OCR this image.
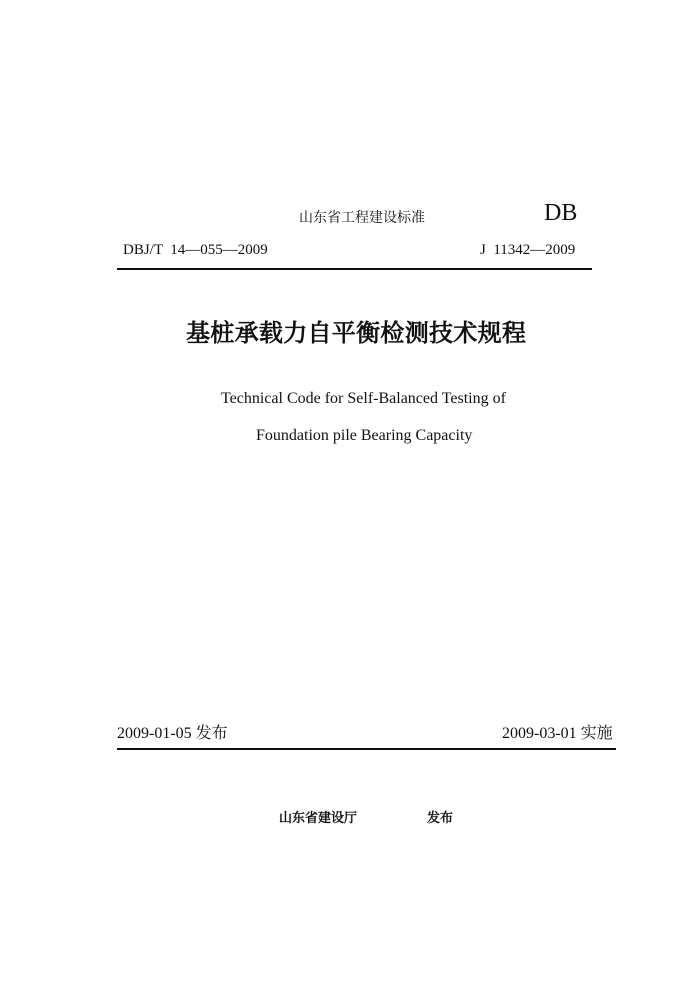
山东省工程建设标准	DB
DBJ/T  14—055—2009	J  11342—2009
基桩承载力自平衡检测技术规程
Technical Code for Self-Balanced Testing of
Foundation pile Bearing Capacity
2009-01-05 发布	2009-03-01 实施
山东省建设厅	发布
